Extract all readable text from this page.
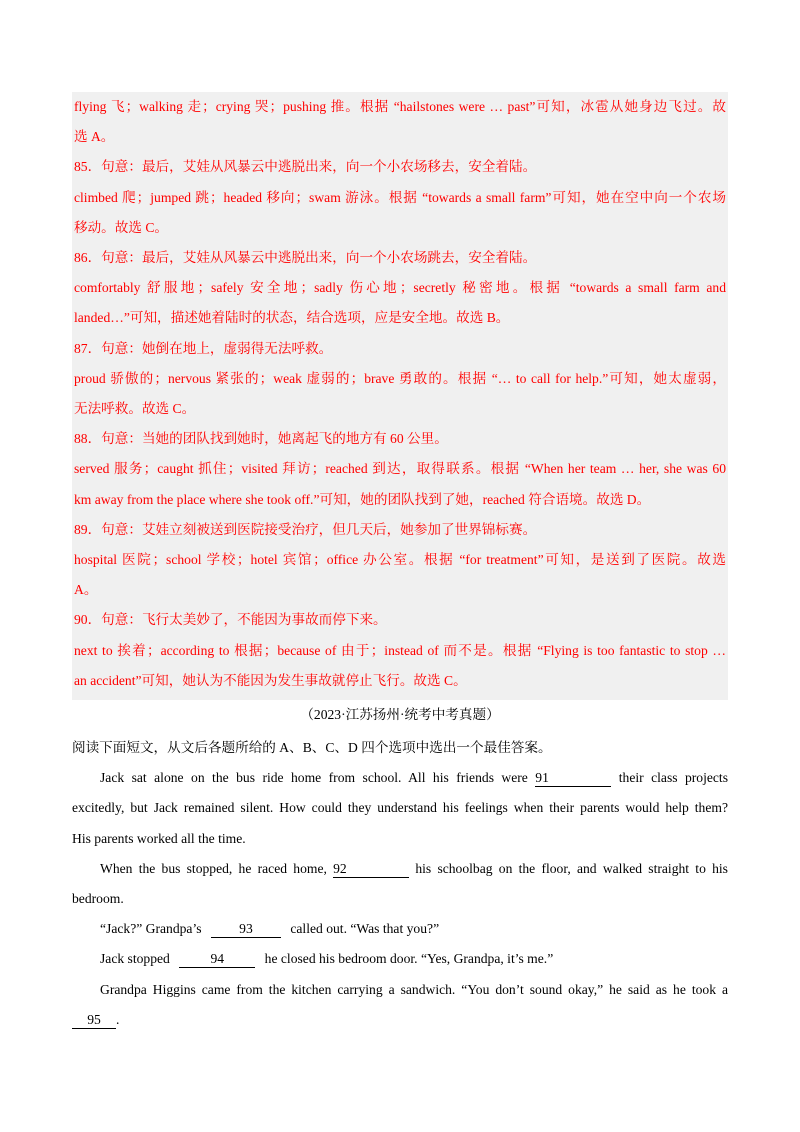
flying 飞；walking 走；crying 哭；pushing 推。根据 “hailstones were … past”可知，冰雹从她身边飞过。故

选 A。

85．句意：最后，艾娃从风暴云中逃脱出来，向一个小农场移去，安全着陆。

climbed 爬；jumped 跳；headed 移向；swam 游泳。根据 “towards a small farm”可知，她在空中向一个农场

移动。故选 C。

86．句意：最后，艾娃从风暴云中逃脱出来，向一个小农场跳去，安全着陆。

comfortably 舒服地；safely 安全地；sadly 伤心地；secretly 秘密地。根据 “towards a small farm and

landed…”可知，描述她着陆时的状态，结合选项，应是安全地。故选 B。

87．句意：她倒在地上，虚弱得无法呼救。

proud 骄傲的；nervous 紧张的；weak 虚弱的；brave 勇敢的。根据 “… to call for help.”可知，她太虚弱，

无法呼救。故选 C。

88．句意：当她的团队找到她时，她离起飞的地方有 60 公里。

served 服务；caught 抓住；visited 拜访；reached 到达，取得联系。根据 “When her team … her, she was 60

km away from the place where she took off.”可知，她的团队找到了她，reached 符合语境。故选 D。

89．句意：艾娃立刻被送到医院接受治疗，但几天后，她参加了世界锦标赛。

hospital 医院；school 学校；hotel 宾馆；office 办公室。根据 “for treatment”可知，是送到了医院。故选

A。

90．句意：飞行太美妙了，不能因为事故而停下来。

next to 挨着；according to 根据；because of 由于；instead of 而不是。根据 “Flying is too fantastic to stop …

an accident”可知，她认为不能因为发生事故就停止飞行。故选 C。

（2023·江苏扬州·统考中考真题）

阅读下面短文，从文后各题所给的 A、B、C、D 四个选项中选出一个最佳答案。

Jack sat alone on the bus ride home from school. All his friends were 91	their class projects

excitedly, but Jack remained silent. How could they understand his feelings when their parents would help them?

His parents worked all the time.

When the bus stopped, he raced home, 92	his schoolbag on the floor, and walked straight to his

bedroom.

“Jack?” Grandpa’s	93	called out. “Was that you?”

Jack stopped	94	he closed his bedroom door. “Yes, Grandpa, it’s me.”

Grandpa Higgins came from the kitchen carrying a sandwich. “You don’t sound okay,” he said as he took a

95 .
